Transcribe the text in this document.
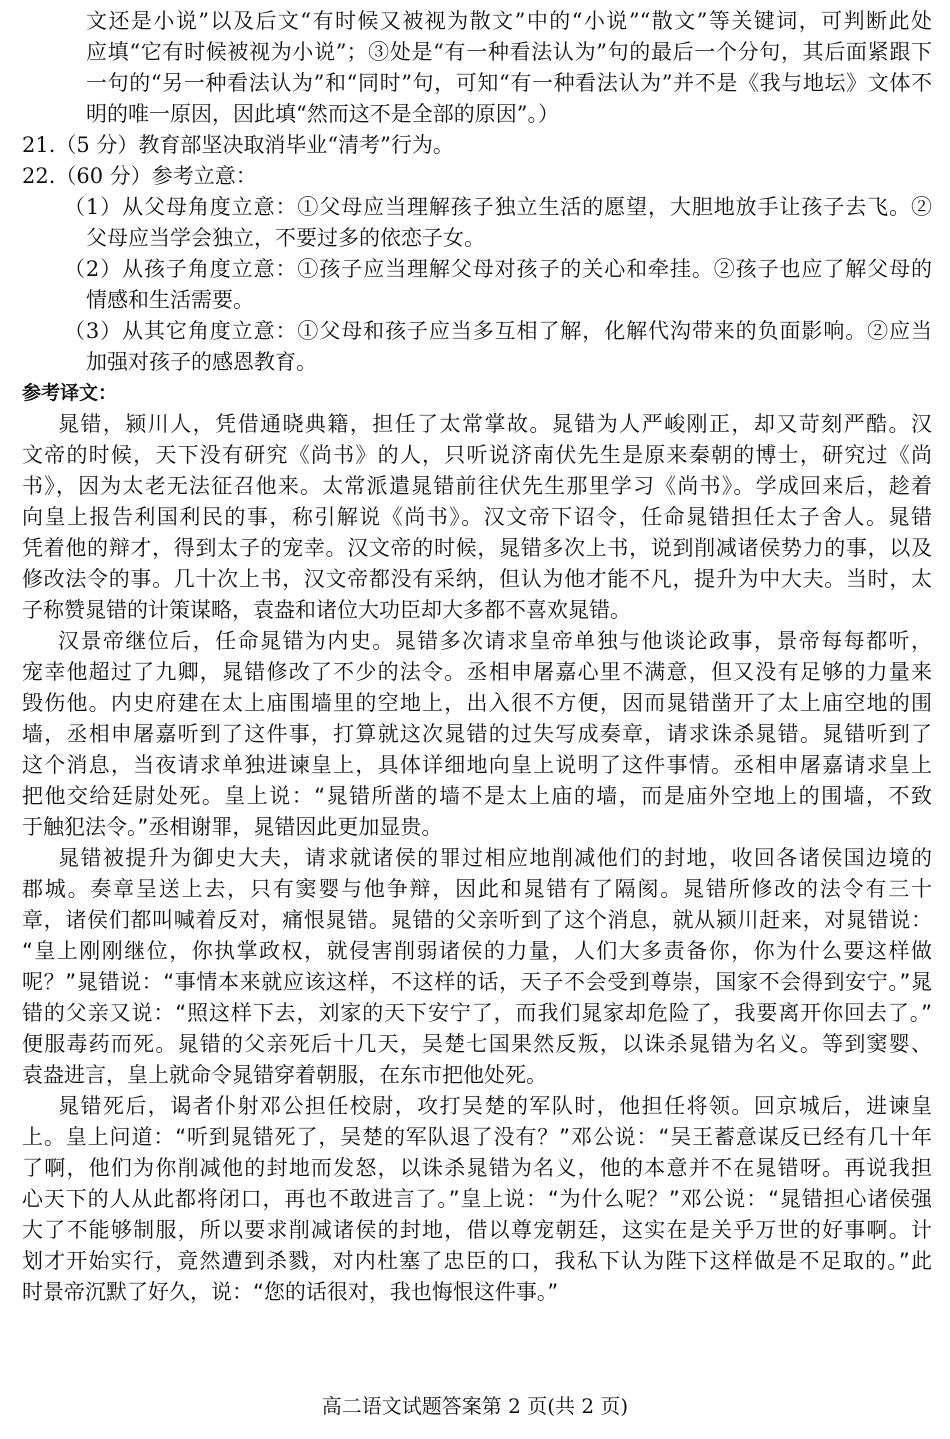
文还是小说”以及后文“有时候又被视为散文”中的“小说”“散文”等关键词，可判断此处
应填“它有时候被视为小说”；③处是“有一种看法认为”句的最后一个分句，其后面紧跟下
一句的“另一种看法认为”和“同时”句，可知“有一种看法认为”并不是《我与地坛》文体不
明的唯一原因，因此填“然而这不是全部的原因”。）
21.（5 分）教育部坚决取消毕业“清考”行为。
22.（60 分）参考立意：
（1）从父母角度立意：①父母应当理解孩子独立生活的愿望，大胆地放手让孩子去飞。②
父母应当学会独立，不要过多的依恋子女。
（2）从孩子角度立意：①孩子应当理解父母对孩子的关心和牵挂。②孩子也应了解父母的
情感和生活需要。
（3）从其它角度立意：①父母和孩子应当多互相了解，化解代沟带来的负面影响。②应当
加强对孩子的感恩教育。
参考译文：
晁错，颍川人，凭借通晓典籍，担任了太常掌故。晁错为人严峻刚正，却又苛刻严酷。汉
文帝的时候，天下没有研究《尚书》的人，只听说济南伏先生是原来秦朝的博士，研究过《尚
书》，因为太老无法征召他来。太常派遣晁错前往伏先生那里学习《尚书》。学成回来后，趁着
向皇上报告利国利民的事，称引解说《尚书》。汉文帝下诏令，任命晁错担任太子舍人。晁错
凭着他的辩才，得到太子的宠幸。汉文帝的时候，晁错多次上书，说到削减诸侯势力的事，以及
修改法令的事。几十次上书，汉文帝都没有采纳，但认为他才能不凡，提升为中大夫。当时，太
子称赞晁错的计策谋略，袁盎和诸位大功臣却大多都不喜欢晁错。
汉景帝继位后，任命晁错为内史。晁错多次请求皇帝单独与他谈论政事，景帝每每都听，
宠幸他超过了九卿，晁错修改了不少的法令。丞相申屠嘉心里不满意，但又没有足够的力量来
毁伤他。内史府建在太上庙围墙里的空地上，出入很不方便，因而晁错凿开了太上庙空地的围
墙，丞相申屠嘉听到了这件事，打算就这次晁错的过失写成奏章，请求诛杀晁错。晁错听到了
这个消息，当夜请求单独进谏皇上，具体详细地向皇上说明了这件事情。丞相申屠嘉请求皇上
把他交给廷尉处死。皇上说：“晁错所凿的墙不是太上庙的墙，而是庙外空地上的围墙，不致
于触犯法令。”丞相谢罪，晁错因此更加显贵。
晁错被提升为御史大夫，请求就诸侯的罪过相应地削减他们的封地，收回各诸侯国边境的
郡城。奏章呈送上去，只有窦婴与他争辩，因此和晁错有了隔阂。晁错所修改的法令有三十
章，诸侯们都叫喊着反对，痛恨晁错。晁错的父亲听到了这个消息，就从颍川赶来，对晁错说：
“皇上刚刚继位，你执掌政权，就侵害削弱诸侯的力量，人们大多责备你，你为什么要这样做
呢？”晁错说：“事情本来就应该这样，不这样的话，天子不会受到尊崇，国家不会得到安宁。”晁
错的父亲又说：“照这样下去，刘家的天下安宁了，而我们晁家却危险了，我要离开你回去了。”
便服毒药而死。晁错的父亲死后十几天，吴楚七国果然反叛，以诛杀晁错为名义。等到窦婴、
袁盎进言，皇上就命令晁错穿着朝服，在东市把他处死。
晁错死后，谒者仆射邓公担任校尉，攻打吴楚的军队时，他担任将领。回京城后，进谏皇
上。皇上问道：“听到晁错死了，吴楚的军队退了没有？”邓公说：“吴王蓄意谋反已经有几十年
了啊，他们为你削减他的封地而发怒，以诛杀晁错为名义，他的本意并不在晁错呀。再说我担
心天下的人从此都将闭口，再也不敢进言了。”皇上说：“为什么呢？”邓公说：“晁错担心诸侯强
大了不能够制服，所以要求削减诸侯的封地，借以尊宠朝廷，这实在是关乎万世的好事啊。计
划才开始实行，竟然遭到杀戮，对内杜塞了忠臣的口，我私下认为陛下这样做是不足取的。”此
时景帝沉默了好久，说：“您的话很对，我也悔恨这件事。”
高二语文试题答案第 2 页(共 2 页)
